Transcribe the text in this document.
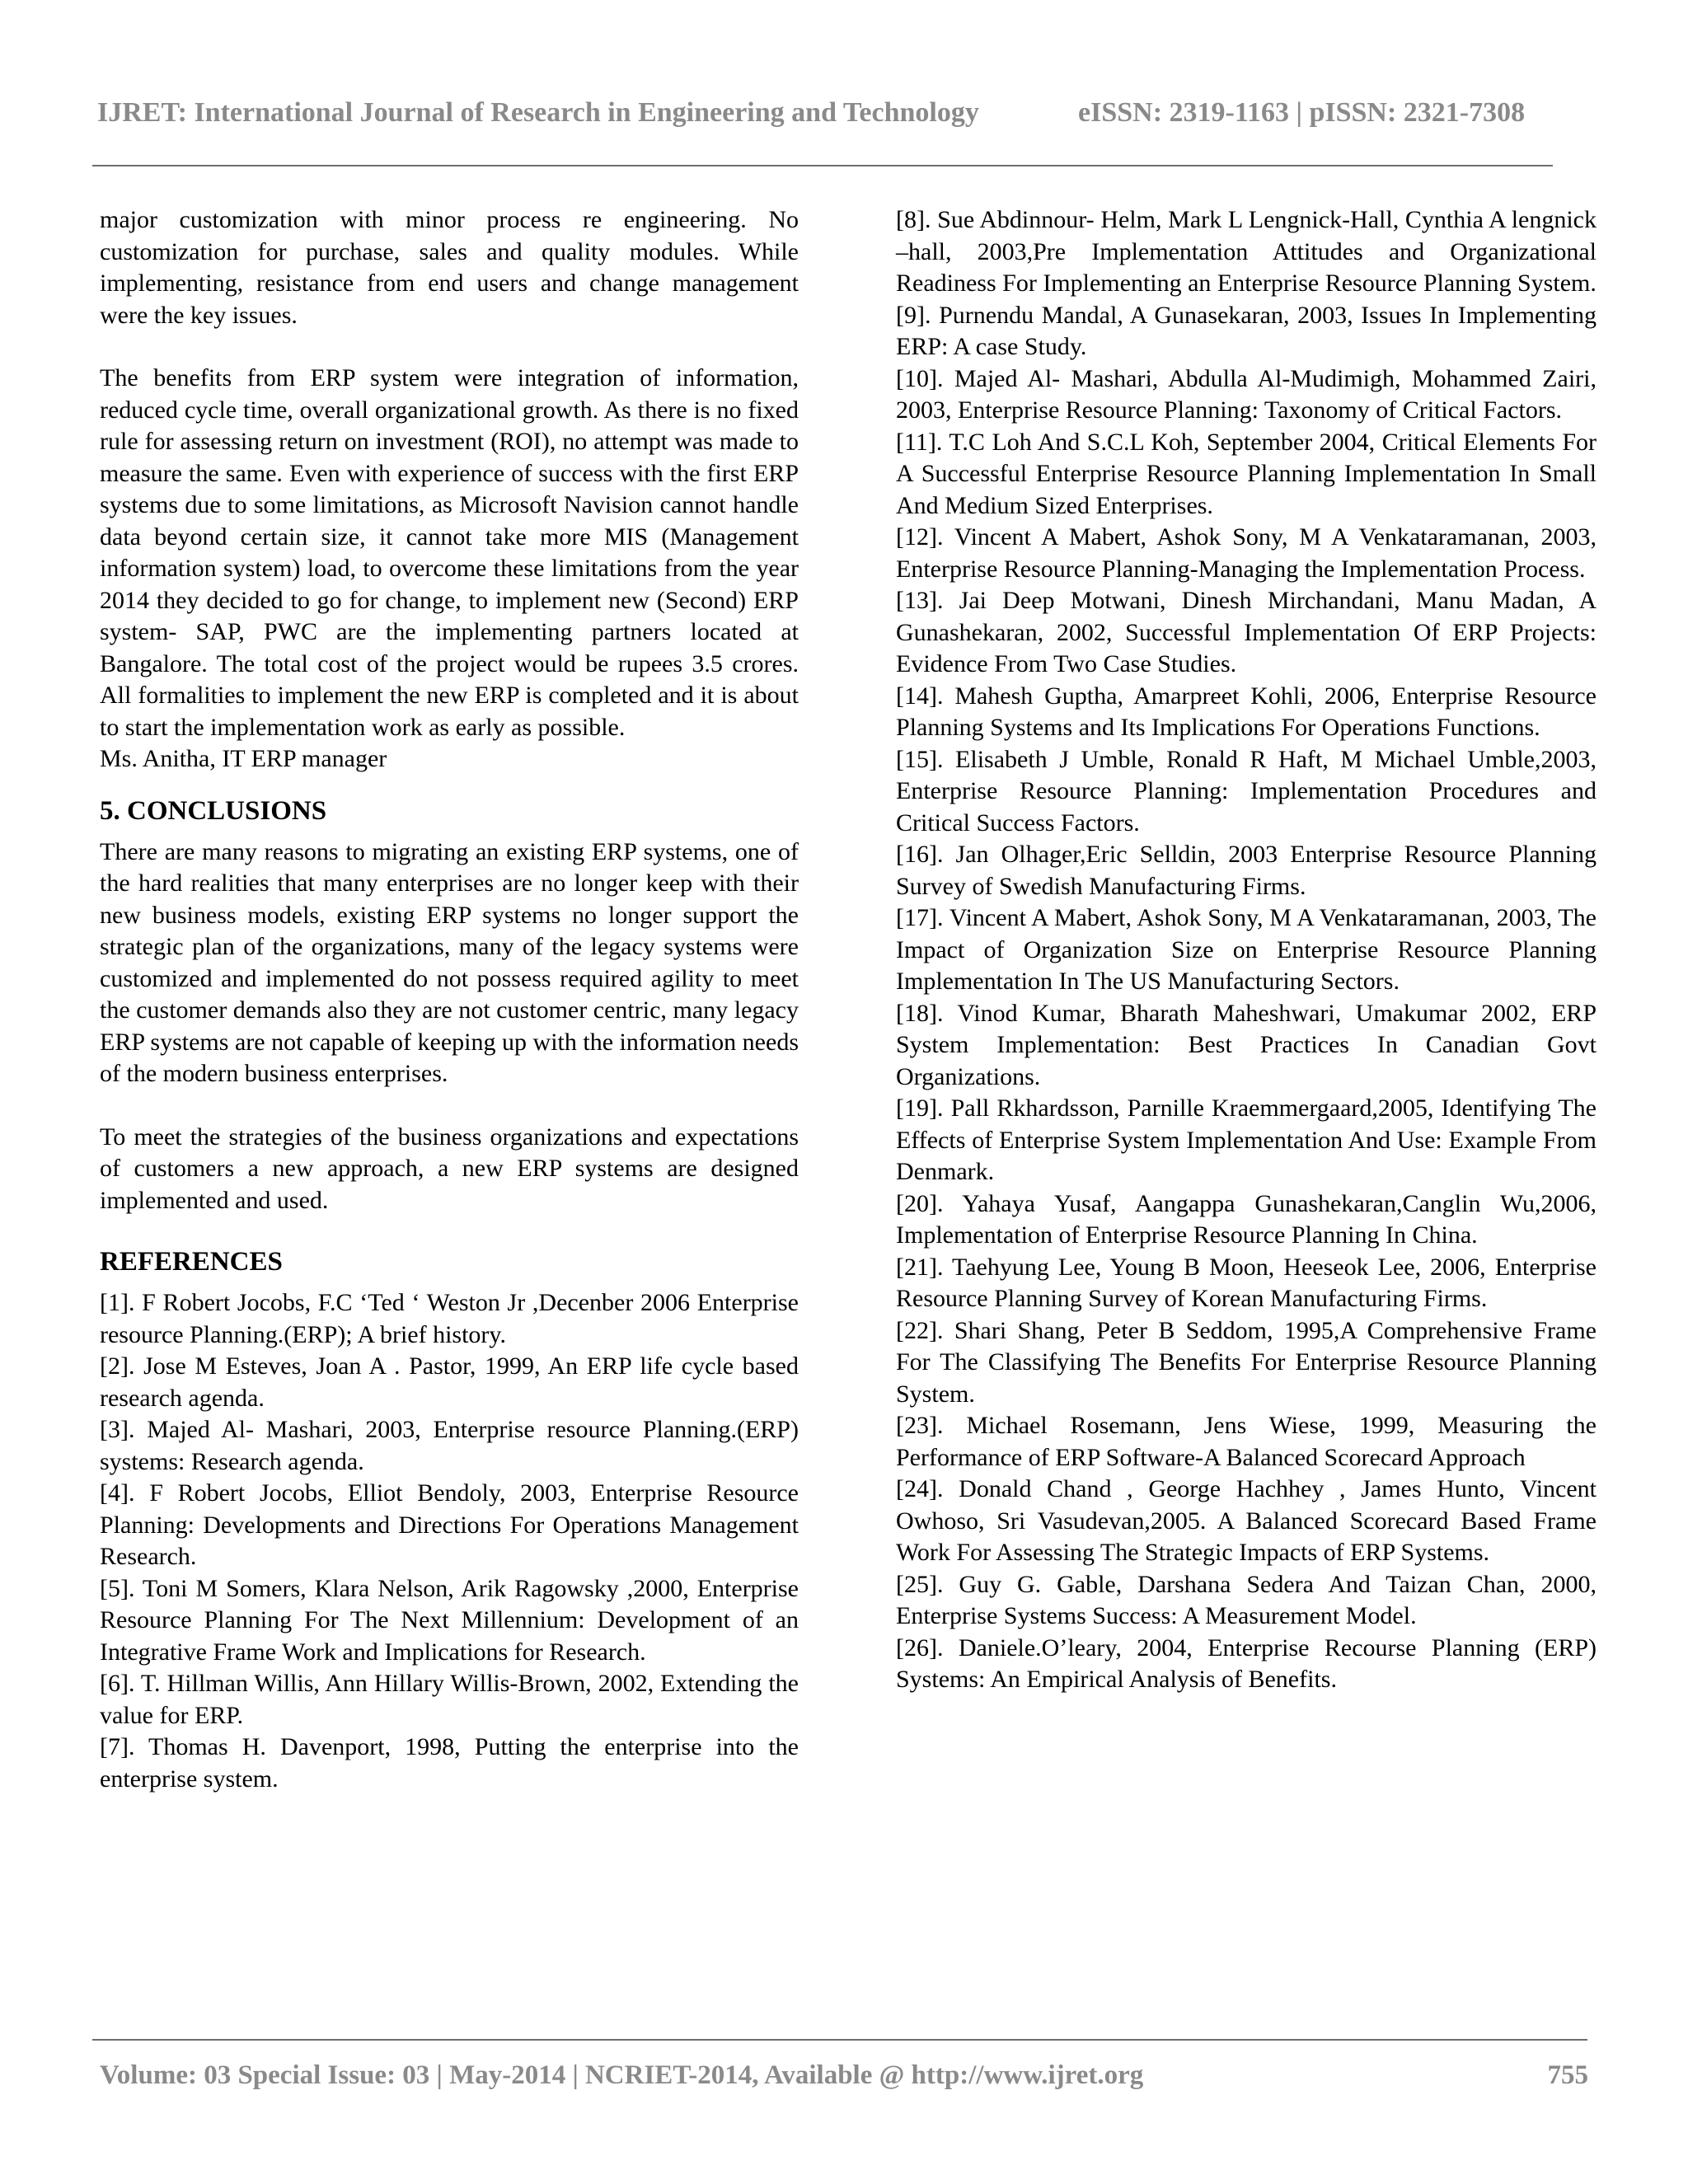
IJRET: International Journal of Research in Engineering and Technology	eISSN: 2319-1163 | pISSN: 2321-7308

major customization with minor process re engineering. No customization for purchase, sales and quality modules. While implementing, resistance from end users and change management were the key issues.

The benefits from ERP system were integration of information, reduced cycle time, overall organizational growth. As there is no fixed rule for assessing return on investment (ROI), no attempt was made to measure the same. Even with experience of success with the first ERP systems due to some limitations, as Microsoft Navision cannot handle data beyond certain size, it cannot take more MIS (Management information system) load, to overcome these limitations from the year 2014 they decided to go for change, to implement new (Second) ERP system- SAP, PWC are the implementing partners located at Bangalore. The total cost of the project would be rupees 3.5 crores. All formalities to implement the new ERP is completed and it is about to start the implementation work as early as possible.

Ms. Anitha, IT ERP manager

5. CONCLUSIONS

There are many reasons to migrating an existing ERP systems, one of the hard realities that many enterprises are no longer keep with their new business models, existing ERP systems no longer support the strategic plan of the organizations, many of the legacy systems were customized and implemented do not possess required agility to meet the customer demands also they are not customer centric, many legacy ERP systems are not capable of keeping up with the information needs of the modern business enterprises.

To meet the strategies of the business organizations and expectations of customers a new approach, a new ERP systems are designed implemented and used.

REFERENCES

[1]. F Robert Jocobs, F.C ‘Ted ‘ Weston Jr ,Decenber 2006 Enterprise resource Planning.(ERP); A brief history.

[2]. Jose M Esteves, Joan A . Pastor, 1999, An ERP life cycle based research agenda.

[3]. Majed Al- Mashari, 2003, Enterprise resource Planning.(ERP) systems: Research agenda.

[4]. F Robert Jocobs, Elliot Bendoly, 2003, Enterprise Resource Planning: Developments and Directions For Operations Management Research.

[5]. Toni M Somers, Klara Nelson, Arik Ragowsky ,2000, Enterprise Resource Planning For The Next Millennium: Development of an Integrative Frame Work and Implications for Research.

[6]. T. Hillman Willis, Ann Hillary Willis-Brown, 2002, Extending the value for ERP.

[7]. Thomas H. Davenport, 1998, Putting the enterprise into the enterprise system.

[8]. Sue Abdinnour- Helm, Mark L Lengnick-Hall, Cynthia A lengnick –hall, 2003,Pre Implementation Attitudes and Organizational Readiness For Implementing an Enterprise Resource Planning System.

[9]. Purnendu Mandal, A Gunasekaran, 2003, Issues In Implementing ERP: A case Study.

[10]. Majed Al- Mashari, Abdulla Al-Mudimigh, Mohammed Zairi, 2003, Enterprise Resource Planning: Taxonomy of Critical Factors.

[11]. T.C Loh And S.C.L Koh, September 2004, Critical Elements For A Successful Enterprise Resource Planning Implementation In Small And Medium Sized Enterprises.

[12]. Vincent A Mabert, Ashok Sony, M A Venkataramanan, 2003, Enterprise Resource Planning-Managing the Implementation Process.

[13]. Jai Deep Motwani, Dinesh Mirchandani, Manu Madan, A Gunashekaran, 2002, Successful Implementation Of ERP Projects: Evidence From Two Case Studies.

[14]. Mahesh Guptha, Amarpreet Kohli, 2006, Enterprise Resource Planning Systems and Its Implications For Operations Functions.

[15]. Elisabeth J Umble, Ronald R Haft, M Michael Umble,2003, Enterprise Resource Planning: Implementation Procedures and Critical Success Factors.

[16]. Jan Olhager,Eric Selldin, 2003 Enterprise Resource Planning Survey of Swedish Manufacturing Firms.

[17]. Vincent A Mabert, Ashok Sony, M A Venkataramanan, 2003, The Impact of Organization Size on Enterprise Resource Planning Implementation In The US Manufacturing Sectors.

[18]. Vinod Kumar, Bharath Maheshwari, Umakumar 2002, ERP System Implementation: Best Practices In Canadian Govt Organizations.

[19]. Pall Rkhardsson, Parnille Kraemmergaard,2005, Identifying The Effects of Enterprise System Implementation And Use: Example From Denmark.

[20]. Yahaya Yusaf, Aangappa Gunashekaran,Canglin Wu,2006, Implementation of Enterprise Resource Planning In China.

[21]. Taehyung Lee, Young B Moon, Heeseok Lee, 2006, Enterprise Resource Planning Survey of Korean Manufacturing Firms.

[22]. Shari Shang, Peter B Seddom, 1995,A Comprehensive Frame For The Classifying The Benefits For Enterprise Resource Planning System.

[23]. Michael Rosemann, Jens Wiese, 1999, Measuring the Performance of ERP Software-A Balanced Scorecard Approach

[24]. Donald Chand , George Hachhey , James Hunto, Vincent Owhoso, Sri Vasudevan,2005. A Balanced Scorecard Based Frame Work For Assessing The Strategic Impacts of ERP Systems.

[25]. Guy G. Gable, Darshana Sedera And Taizan Chan, 2000, Enterprise Systems Success: A Measurement Model.

[26]. Daniele.O’leary, 2004, Enterprise Recourse Planning (ERP) Systems: An Empirical Analysis of Benefits.

Volume: 03 Special Issue: 03 | May-2014 | NCRIET-2014, Available @ http://www.ijret.org	755
